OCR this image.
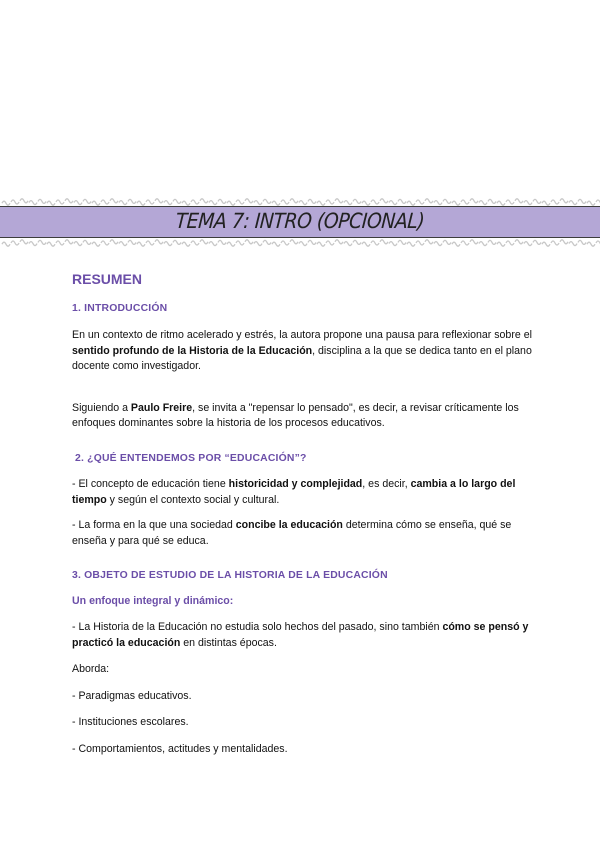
TEMA 7: INTRO (OPCIONAL)
RESUMEN
1. INTRODUCCIÓN

En un contexto de ritmo acelerado y estrés, la autora propone una pausa para reflexionar sobre el sentido profundo de la Historia de la Educación, disciplina a la que se dedica tanto en el plano docente como investigador.

Siguiendo a Paulo Freire, se invita a "repensar lo pensado", es decir, a revisar críticamente los enfoques dominantes sobre la historia de los procesos educativos.

2. ¿QUÉ ENTENDEMOS POR “EDUCACIÓN”?

- El concepto de educación tiene historicidad y complejidad, es decir, cambia a lo largo del tiempo y según el contexto social y cultural.

- La forma en la que una sociedad concibe la educación determina cómo se enseña, qué se enseña y para qué se educa.

3. OBJETO DE ESTUDIO DE LA HISTORIA DE LA EDUCACIÓN
Un enfoque integral y dinámico:

- La Historia de la Educación no estudia solo hechos del pasado, sino también cómo se pensó y practicó la educación en distintas épocas.

Aborda:

- Paradigmas educativos.

- Instituciones escolares.

- Comportamientos, actitudes y mentalidades.
